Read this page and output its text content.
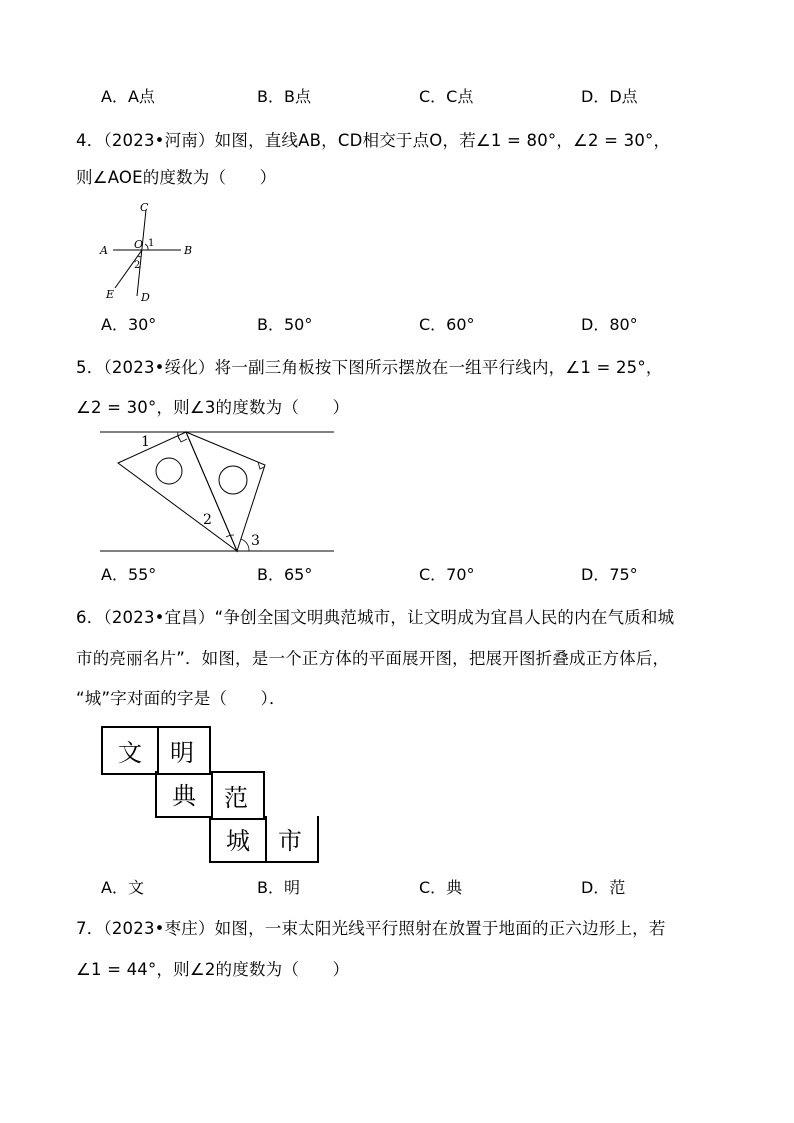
A．A点	B．B点	C．C点	D．D点
4．（2023•河南）如图，直线AB，CD相交于点O，若∠1 = 80°，∠2 = 30°，
则∠AOE的度数为（　　）
C
A	B
O 1
2
E D
A．30°	B．50°	C．60°	D．80°
5．（2023•绥化）将一副三角板按下图所示摆放在一组平行线内，∠1 = 25°，
∠2 = 30°，则∠3的度数为（　　）
1
2
3
A．55°	B．65°	C．70°	D．75°
6．（2023•宜昌）“争创全国文明典范城市，让文明成为宜昌人民的内在气质和城
市的亮丽名片”．如图，是一个正方体的平面展开图，把展开图折叠成正方体后，
“城”字对面的字是（　　）．
文	明
典	范
城	市
A．文	B．明	C．典	D．范
7．（2023•枣庄）如图，一束太阳光线平行照射在放置于地面的正六边形上，若
∠1 = 44°，则∠2的度数为（　　）
